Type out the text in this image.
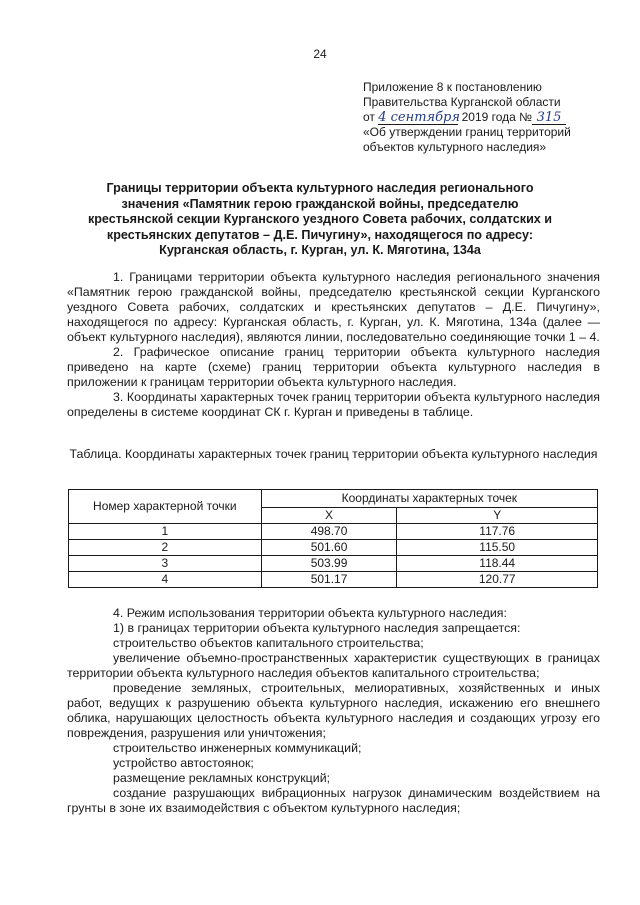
24
Приложение 8 к постановлению
Правительства Курганской области
от 4 сентября 2019 года № 315
«Об утверждении границ территорий
объектов культурного наследия»
Границы территории объекта культурного наследия регионального значения «Памятник герою гражданской войны, председателю крестьянской секции Курганского уездного Совета рабочих, солдатских и крестьянских депутатов – Д.Е. Пичугину», находящегося по адресу: Курганская область, г. Курган, ул. К. Мяготина, 134а

1. Границами территории объекта культурного наследия регионального значения «Памятник герою гражданской войны, председателю крестьянской секции Курганского уездного Совета рабочих, солдатских и крестьянских депутатов – Д.Е. Пичугину», находящегося по адресу: Курганская область, г. Курган, ул. К. Мяготина, 134а (далее — объект культурного наследия), являются линии, последовательно соединяющие точки 1 – 4.

2. Графическое описание границ территории объекта культурного наследия приведено на карте (схеме) границ территории объекта культурного наследия в приложении к границам территории объекта культурного наследия.

3. Координаты характерных точек границ территории объекта культурного наследия определены в системе координат СК г. Курган и приведены в таблице.

Таблица. Координаты характерных точек границ территории объекта культурного наследия
Номер характерной точки	Координаты характерных точек	
	X	Y
1	498.70	117.76
2	501.60	115.50
3	503.99	118.44
4	501.17	120.77

4. Режим использования территории объекта культурного наследия:

1) в границах территории объекта культурного наследия запрещается:

строительство объектов капитального строительства;

увеличение объемно-пространственных характеристик существующих в границах территории объекта культурного наследия объектов капитального строительства;

проведение земляных, строительных, мелиоративных, хозяйственных и иных работ, ведущих к разрушению объекта культурного наследия, искажению его внешнего облика, нарушающих целостность объекта культурного наследия и создающих угрозу его повреждения, разрушения или уничтожения;

строительство инженерных коммуникаций;

устройство автостоянок;

размещение рекламных конструкций;

создание разрушающих вибрационных нагрузок динамическим воздействием на грунты в зоне их взаимодействия с объектом культурного наследия;
